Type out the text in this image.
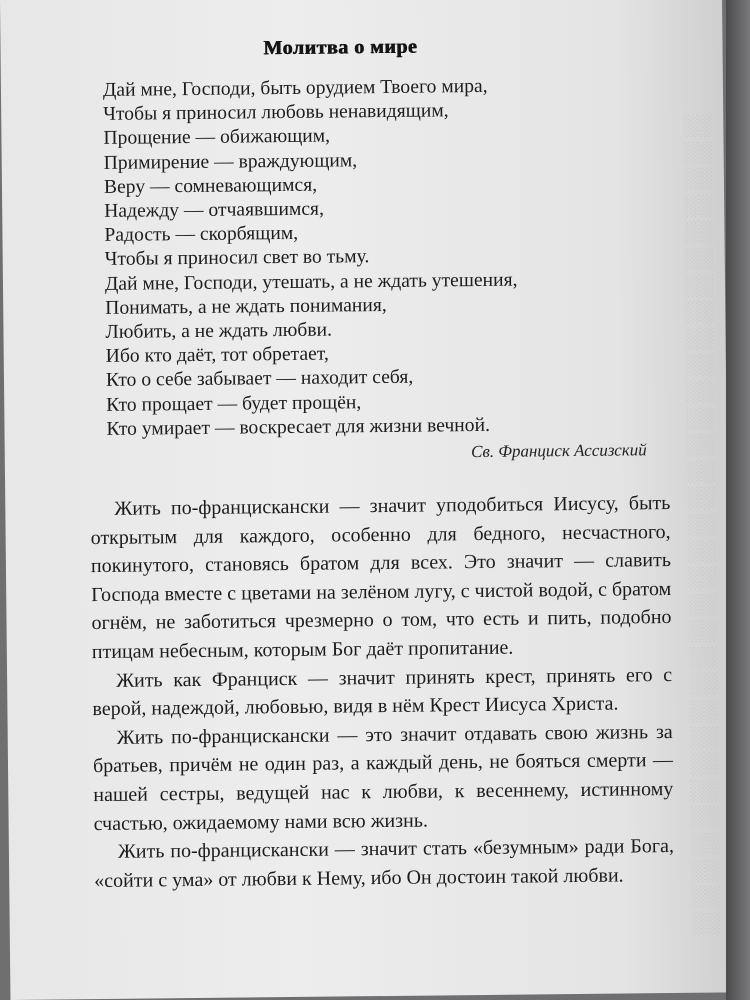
░░
░░
░░
░░
░░
░░
░░
░░
░░
░░
░░
░░
░░
░░
░░
░░
░░
░░
░░
░░
░░
░░
░░
░░
░░
░░
░░
░░
░░
░░
░░
Молитва о мире
Дай мне, Господи, быть орудием Твоего мира,
Чтобы я приносил любовь ненавидящим,
Прощение — обижающим,
Примирение — враждующим,
Веру — сомневающимся,
Надежду — отчаявшимся,
Радость — скорбящим,
Чтобы я приносил свет во тьму.
Дай мне, Господи, утешать, а не ждать утешения,
Понимать, а не ждать понимания,
Любить, а не ждать любви.
Ибо кто даёт, тот обретает,
Кто о себе забывает — находит себя,
Кто прощает — будет прощён,
Кто умирает — воскресает для жизни вечной.
Св. Франциск Ассизский

Жить по-францискански — значит уподобиться Иисусу, быть открытым для каждого, особенно для бедного, несчастного, покинутого, становясь братом для всех. Это значит — славить Господа вместе с цветами на зелёном лугу, с чистой водой, с братом огнём, не заботиться чрезмерно о том, что есть и пить, подобно птицам небесным, которым Бог даёт пропитание.

Жить как Франциск — значит принять крест, принять его с верой, надеждой, любовью, видя в нём Крест Иисуса Христа.

Жить по-францискански — это значит отдавать свою жизнь за братьев, причём не один раз, а каждый день, не бояться смерти — нашей сестры, ведущей нас к любви, к весеннему, истинному счастью, ожидаемому нами всю жизнь.

Жить по-францискански — значит стать «безумным» ради Бога, «сойти с ума» от любви к Нему, ибо Он достоин такой любви.
